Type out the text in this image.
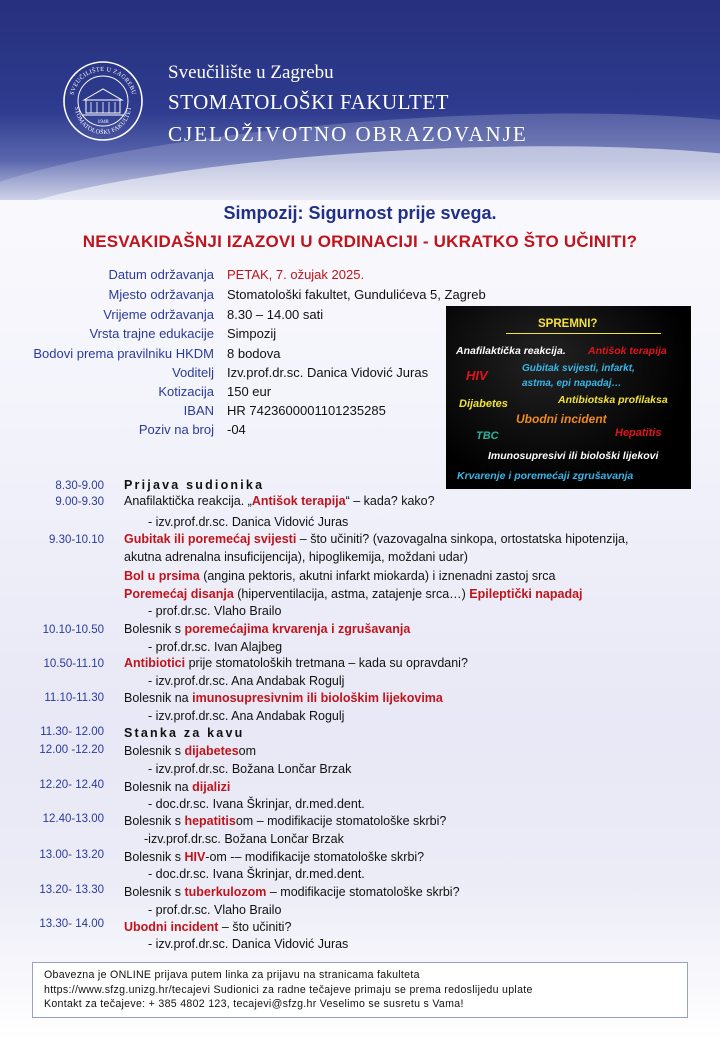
SVEUČILIŠTE U ZAGREBU
STOMATOLOŠKI FAKULTET
1948
Sveučilište u Zagrebu
STOMATOLOŠKI FAKULTET
CJELOŽIVOTNO OBRAZOVANJE
Simpozij: Sigurnost prije svega.
NESVAKIDAŠNJI IZAZOVI U ORDINACIJI - UKRATKO ŠTO UČINITI?
Datum održavanja PETAK, 7. ožujak 2025.
Mjesto održavanja Stomatološki fakultet, Gundulićeva 5, Zagreb
Vrijeme održavanja 8.30 – 14.00 sati
Vrsta trajne edukacije Simpozij
Bodovi prema pravilniku HKDM 8 bodova
Voditelj Izv.prof.dr.sc. Danica Vidović Juras
Kotizacija 150 eur
IBAN HR 7423600001101235285
Poziv na broj -04
SPREMNI?
Anafilaktička reakcija. Antišok terapija
HIV	Gubitak svijesti, infarkt,
astma, epi napadaj…
Dijabetes	Antibiotska profilaksa
Ubodni incident
TBC	Hepatitis
Imunosupresivi ili biološki lijekovi
Krvarenje i poremećaji zgrušavanja
8.30-9.00 Prijava sudionika
9.00-9.30 Anafilaktička reakcija. „Antišok terapija“ – kada? kako?
- izv.prof.dr.sc. Danica Vidović Juras
9.30-10.10 Gubitak ili poremećaj svijesti – što učiniti? (vazovagalna sinkopa, ortostatska hipotenzija,
akutna adrenalna insuficijencija), hipoglikemija, moždani udar)
Bol u prsima (angina pektoris, akutni infarkt miokarda) i iznenadni zastoj srca
Poremećaj disanja (hiperventilacija, astma, zatajenje srca…) Epileptički napadaj
- prof.dr.sc. Vlaho Brailo
10.10-10.50 Bolesnik s poremećajima krvarenja i zgrušavanja
- prof.dr.sc. Ivan Alajbeg
10.50-11.10 Antibiotici prije stomatoloških tretmana – kada su opravdani?
- izv.prof.dr.sc. Ana Andabak Rogulj
11.10-11.30 Bolesnik na imunosupresivnim ili biološkim lijekovima
- izv.prof.dr.sc. Ana Andabak Rogulj
11.30- 12.00 Stanka za kavu
12.00 -12.20 Bolesnik s dijabetesom
- izv.prof.dr.sc. Božana Lončar Brzak
12.20- 12.40 Bolesnik na dijalizi
- doc.dr.sc. Ivana Škrinjar, dr.med.dent.
12.40-13.00 Bolesnik s hepatitisom – modifikacije stomatološke skrbi?
-izv.prof.dr.sc. Božana Lončar Brzak
13.00- 13.20 Bolesnik s HIV-om -– modifikacije stomatološke skrbi?
- doc.dr.sc. Ivana Škrinjar, dr.med.dent.
13.20- 13.30 Bolesnik s tuberkulozom – modifikacije stomatološke skrbi?
- prof.dr.sc. Vlaho Brailo
13.30- 14.00 Ubodni incident – što učiniti?
- izv.prof.dr.sc. Danica Vidović Juras
Obavezna je ONLINE prijava putem linka za prijavu na stranicama fakulteta
https://www.sfzg.unizg.hr/tecajevi Sudionici za radne tečajeve primaju se prema redoslijedu uplate
Kontakt za tečajeve: + 385 4802 123, tecajevi@sfzg.hr Veselimo se susretu s Vama!
